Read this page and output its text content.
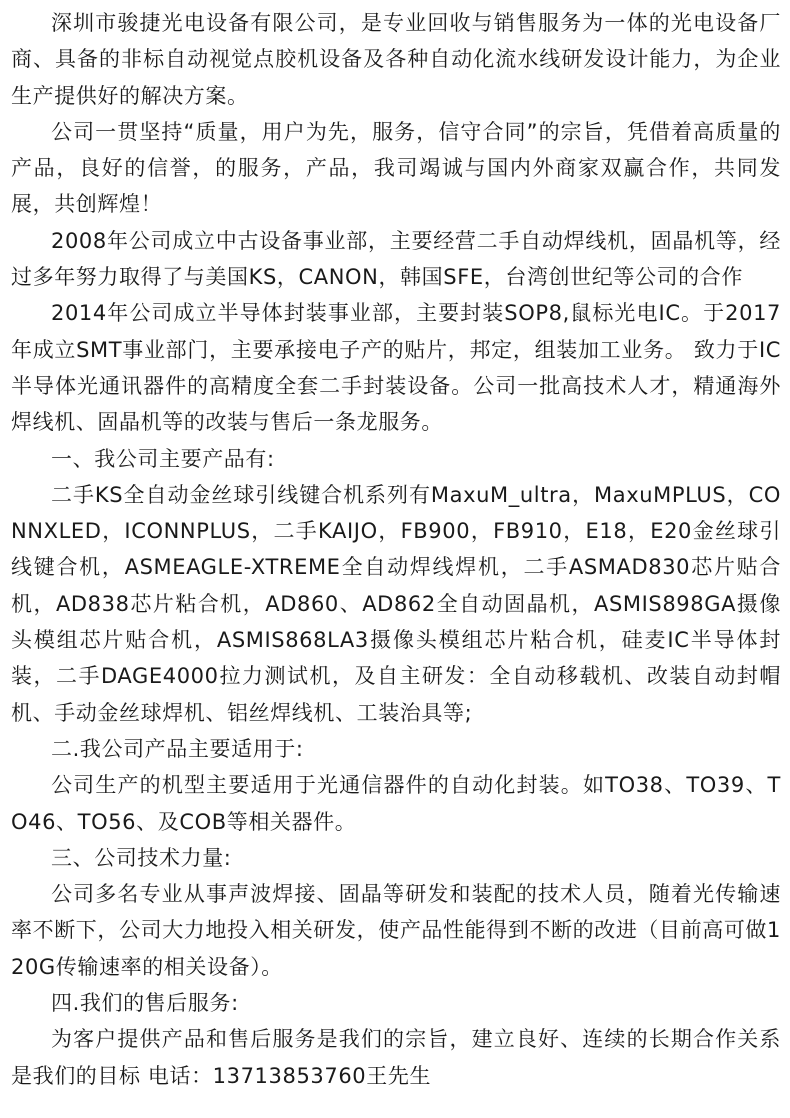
深圳市骏捷光电设备有限公司，是专业回收与销售服务为一体的光电设备厂商、具备的非标自动视觉点胶机设备及各种自动化流水线研发设计能力，为企业生产提供好的解决方案。

公司一贯坚持“质量，用户为先，服务，信守合同”的宗旨，凭借着高质量的产品，良好的信誉，的服务，产品，我司竭诚与国内外商家双赢合作，共同发展，共创辉煌！

2008年公司成立中古设备事业部，主要经营二手自动焊线机，固晶机等，经过多年努力取得了与美国KS，CANON，韩国SFE，台湾创世纪等公司的合作

2014年公司成立半导体封装事业部，主要封装SOP8,鼠标光电IC。于2017年成立SMT事业部门，主要承接电子产的贴片，邦定，组装加工业务。 致力于IC半导体光通讯器件的高精度全套二手封装设备。公司一批高技术人才，精通海外焊线机、固晶机等的改装与售后一条龙服务。

一、我公司主要产品有:

二手KS全自动金丝球引线键合机系列有MaxuM_ultra，MaxuMPLUS，CONNXLED，ICONNPLUS，二手KAIJO，FB900，FB910，E18，E20金丝球引线键合机，ASMEAGLE-XTREME全自动焊线焊机，二手ASMAD830芯片贴合机，AD838芯片粘合机，AD860、AD862全自动固晶机，ASMIS898GA摄像头模组芯片贴合机，ASMIS868LA3摄像头模组芯片粘合机，硅麦IC半导体封装，二手DAGE4000拉力测试机，及自主研发：全自动移载机、改装自动封帽机、手动金丝球焊机、铝丝焊线机、工装治具等;

二.我公司产品主要适用于:

公司生产的机型主要适用于光通信器件的自动化封装。如TO38、TO39、TO46、TO56、及COB等相关器件。

三、公司技术力量:

公司多名专业从事声波焊接、固晶等研发和装配的技术人员，随着光传输速率不断下，公司大力地投入相关研发，使产品性能得到不断的改进（目前高可做120G传输速率的相关设备）。

四.我们的售后服务:

为客户提供产品和售后服务是我们的宗旨，建立良好、连续的长期合作关系是我们的目标 电话：13713853760王先生
